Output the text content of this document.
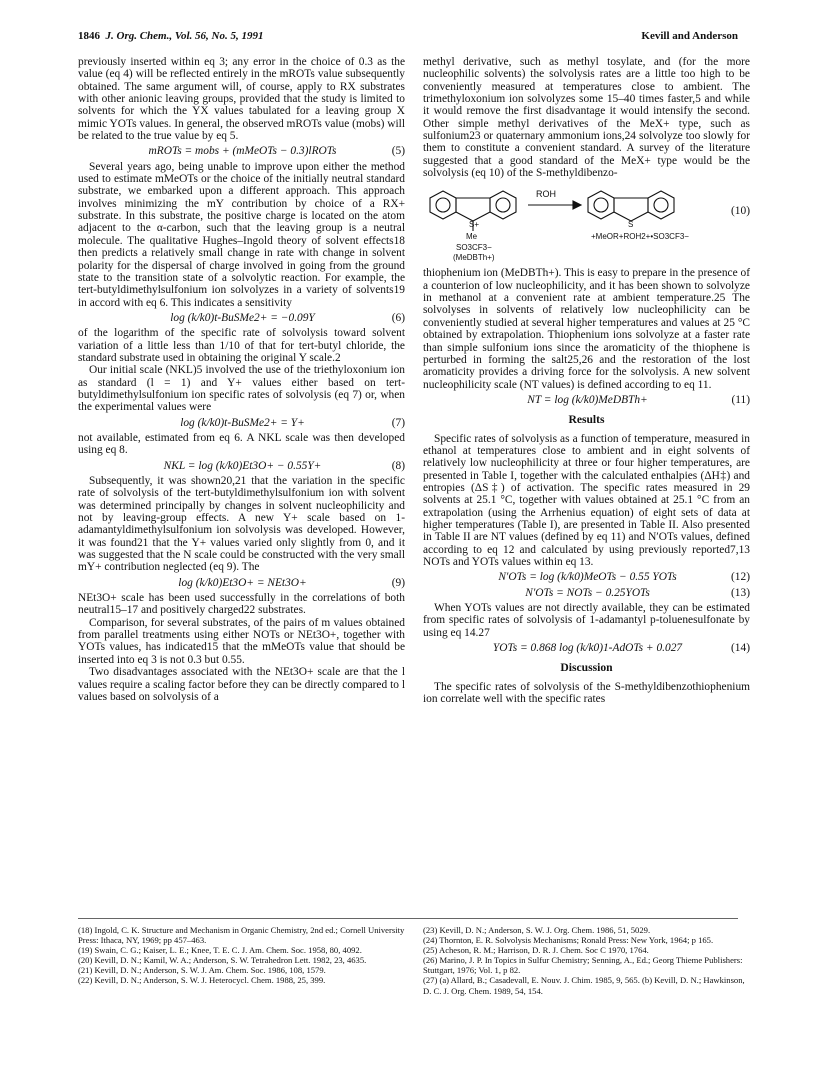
1846 J. Org. Chem., Vol. 56, No. 5, 1991	Kevill and Anderson

previously inserted within eq 3; any error in the choice of 0.3 as the value (eq 4) will be reflected entirely in the mROTs value subsequently obtained. The same argument will, of course, apply to RX substrates with other anionic leaving groups, provided that the study is limited to solvents for which the YX values tabulated for a leaving group X mimic YOTs values. In general, the observed mROTs value (mobs) will be related to the true value by eq 5.

mROTs = mobs + (mMeOTs − 0.3)lROTs	(5)

Several years ago, being unable to improve upon either the method used to estimate mMeOTs or the choice of the initially neutral standard substrate, we embarked upon a different approach. This approach involves minimizing the mY contribution by choice of a RX+ substrate. In this substrate, the positive charge is located on the atom adjacent to the α-carbon, such that the leaving group is a neutral molecule. The qualitative Hughes–Ingold theory of solvent effects18 then predicts a relatively small change in rate with change in solvent polarity for the dispersal of charge involved in going from the ground state to the transition state of a solvolytic reaction. For example, the tert-butyldimethylsulfonium ion solvolyzes in a variety of solvents19 in accord with eq 6. This indicates a sensitivity

log (k/k0)t-BuSMe2+ = −0.09Y	(6)

of the logarithm of the specific rate of solvolysis toward solvent variation of a little less than 1/10 of that for tert-butyl chloride, the standard substrate used in obtaining the original Y scale.2

Our initial scale (NKL)5 involved the use of the triethyloxonium ion as standard (l = 1) and Y+ values either based on tert-butyldimethylsulfonium ion specific rates of solvolysis (eq 7) or, when the experimental values were

log (k/k0)t-BuSMe2+ = Y+	(7)

not available, estimated from eq 6. A NKL scale was then developed using eq 8.

NKL = log (k/k0)Et3O+ − 0.55Y+	(8)

Subsequently, it was shown20,21 that the variation in the specific rate of solvolysis of the tert-butyldimethylsulfonium ion with solvent was determined principally by changes in solvent nucleophilicity and not by leaving-group effects. A new Y+ scale based on 1-adamantyldimethylsulfonium ion solvolysis was developed. However, it was found21 that the Y+ values varied only slightly from 0, and it was suggested that the N scale could be constructed with the very small mY+ contribution neglected (eq 9). The

log (k/k0)Et3O+ = NEt3O+	(9)

NEt3O+ scale has been used successfully in the correlations of both neutral15–17 and positively charged22 substrates.

Comparison, for several substrates, of the pairs of m values obtained from parallel treatments using either NOTs or NEt3O+, together with YOTs values, has indicated15 that the mMeOTs value that should be inserted into eq 3 is not 0.3 but 0.55.

Two disadvantages associated with the NEt3O+ scale are that the l values require a scaling factor before they can be directly compared to l values based on solvolysis of a

methyl derivative, such as methyl tosylate, and (for the more nucleophilic solvents) the solvolysis rates are a little too high to be conveniently measured at temperatures close to ambient. The trimethyloxonium ion solvolyzes some 15–40 times faster,5 and while it would remove the first disadvantage it would intensify the second. Other simple methyl derivatives of the MeX+ type, such as sulfonium23 or quaternary ammonium ions,24 solvolyze too slowly for them to constitute a convenient standard. A survey of the literature suggested that a good standard of the MeX+ type would be the solvolysis (eq 10) of the S-methyldibenzo-

ROH
S+
Me
SO3CF3−
(MeDBTh+)
S
+MeOR+ROH2+•SO3CF3−
(10)

thiophenium ion (MeDBTh+). This is easy to prepare in the presence of a counterion of low nucleophilicity, and it has been shown to solvolyze in methanol at a convenient rate at ambient temperature.25 The solvolyses in solvents of relatively low nucleophilicity can be conveniently studied at several higher temperatures and values at 25 °C obtained by extrapolation. Thiophenium ions solvolyze at a faster rate than simple sulfonium ions since the aromaticity of the thiophene is perturbed in forming the salt25,26 and the restoration of the lost aromaticity provides a driving force for the solvolysis. A new solvent nucleophilicity scale (NT values) is defined according to eq 11.

NT = log (k/k0)MeDBTh+	(11)
Results

Specific rates of solvolysis as a function of temperature, measured in ethanol at temperatures close to ambient and in eight solvents of relatively low nucleophilicity at three or four higher temperatures, are presented in Table I, together with the calculated enthalpies (ΔH‡) and entropies (ΔS‡) of activation. The specific rates measured in 29 solvents at 25.1 °C, together with values obtained at 25.1 °C from an extrapolation (using the Arrhenius equation) of eight sets of data at higher temperatures (Table I), are presented in Table II. Also presented in Table II are NT values (defined by eq 11) and N′OTs values, defined according to eq 12 and calculated by using previously reported7,13 NOTs and YOTs values within eq 13.

N′OTs = log (k/k0)MeOTs − 0.55 YOTs	(12)
N′OTs = NOTs − 0.25YOTs	(13)

When YOTs values are not directly available, they can be estimated from specific rates of solvolysis of 1-adamantyl p-toluenesulfonate by using eq 14.27

YOTs = 0.868 log (k/k0)1-AdOTs + 0.027	(14)
Discussion

The specific rates of solvolysis of the S-methyldibenzothiophenium ion correlate well with the specific rates

(18) Ingold, C. K. Structure and Mechanism in Organic Chemistry, 2nd ed.; Cornell University Press: Ithaca, NY, 1969; pp 457–463.
(19) Swain, C. G.; Kaiser, L. E.; Knee, T. E. C. J. Am. Chem. Soc. 1958, 80, 4092.
(20) Kevill, D. N.; Kamil, W. A.; Anderson, S. W. Tetrahedron Lett. 1982, 23, 4635.
(21) Kevill, D. N.; Anderson, S. W. J. Am. Chem. Soc. 1986, 108, 1579.
(22) Kevill, D. N.; Anderson, S. W. J. Heterocycl. Chem. 1988, 25, 399.
(23) Kevill, D. N.; Anderson, S. W. J. Org. Chem. 1986, 51, 5029.
(24) Thornton, E. R. Solvolysis Mechanisms; Ronald Press: New York, 1964; p 165.
(25) Acheson, R. M.; Harrison, D. R. J. Chem. Soc C 1970, 1764.
(26) Marino, J. P. In Topics in Sulfur Chemistry; Senning, A., Ed.; Georg Thieme Publishers: Stuttgart, 1976; Vol. 1, p 82.
(27) (a) Allard, B.; Casadevall, E. Nouv. J. Chim. 1985, 9, 565. (b) Kevill, D. N.; Hawkinson, D. C. J. Org. Chem. 1989, 54, 154.
